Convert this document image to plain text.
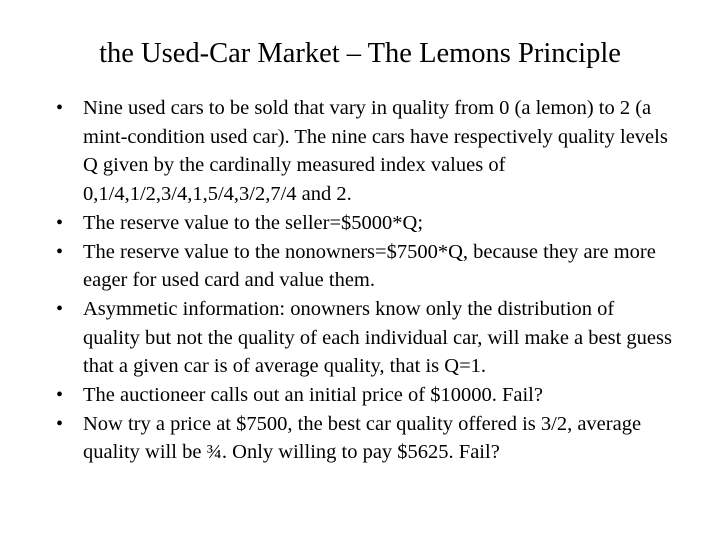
the Used-Car Market – The Lemons Principle
• Nine used cars to be sold that vary in quality from 0 (a lemon) to 2 (a mint-condition used car). The nine cars have respectively quality levels Q given by the cardinally measured index values of 0,1/4,1/2,3/4,1,5/4,3/2,7/4 and 2.
• The reserve value to the seller=$5000*Q;
• The reserve value to the nonowners=$7500*Q, because they are more eager for used card and value them.
• Asymmetic information: onowners know only the distribution of quality but not the quality of each individual car, will make a best guess that a given car is of average quality, that is Q=1.
• The auctioneer calls out an initial price of $10000. Fail?
• Now try a price at $7500, the best car quality offered is 3/2, average quality will be ¾. Only willing to pay $5625. Fail?
